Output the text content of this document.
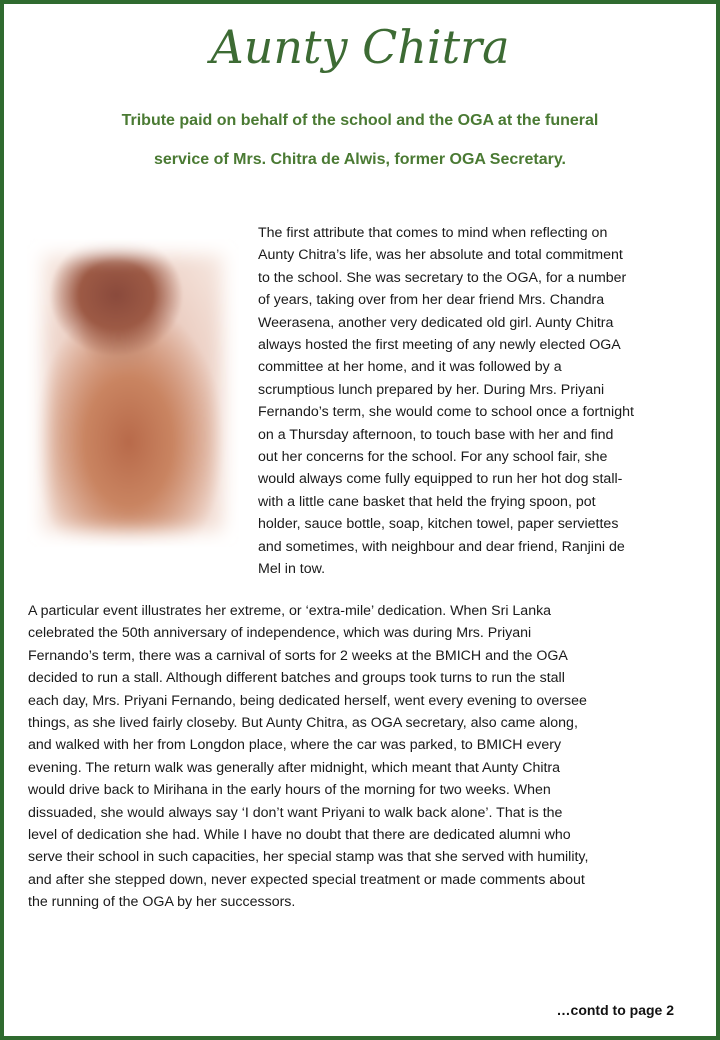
Aunty Chitra
Tribute paid on behalf of the school and the OGA at the funeral
service of Mrs. Chitra de Alwis, former OGA Secretary.
The first attribute that comes to mind when reflecting on
Aunty Chitra’s life, was her absolute and total commitment
to the school. She was secretary to the OGA, for a number
of years, taking over from her dear friend Mrs. Chandra
Weerasena, another very dedicated old girl. Aunty Chitra
always hosted the first meeting of any newly elected OGA
committee at her home, and it was followed by a
scrumptious lunch prepared by her. During Mrs. Priyani
Fernando’s term, she would come to school once a fortnight
on a Thursday afternoon, to touch base with her and find
out her concerns for the school. For any school fair, she
would always come fully equipped to run her hot dog stall-
with a little cane basket that held the frying spoon, pot
holder, sauce bottle, soap, kitchen towel, paper serviettes
and sometimes, with neighbour and dear friend, Ranjini de
Mel in tow.
A particular event illustrates her extreme, or ‘extra-mile’ dedication. When Sri Lanka
celebrated the 50th anniversary of independence, which was during Mrs. Priyani
Fernando’s term, there was a carnival of sorts for 2 weeks at the BMICH and the OGA
decided to run a stall. Although different batches and groups took turns to run the stall
each day, Mrs. Priyani Fernando, being dedicated herself, went every evening to oversee
things, as she lived fairly closeby. But Aunty Chitra, as OGA secretary, also came along,
and walked with her from Longdon place, where the car was parked, to BMICH every
evening. The return walk was generally after midnight, which meant that Aunty Chitra
would drive back to Mirihana in the early hours of the morning for two weeks. When
dissuaded, she would always say ‘I don’t want Priyani to walk back alone’. That is the
level of dedication she had. While I have no doubt that there are dedicated alumni who
serve their school in such capacities, her special stamp was that she served with humility,
and after she stepped down, never expected special treatment or made comments about
the running of the OGA by her successors.
…contd to page 2
